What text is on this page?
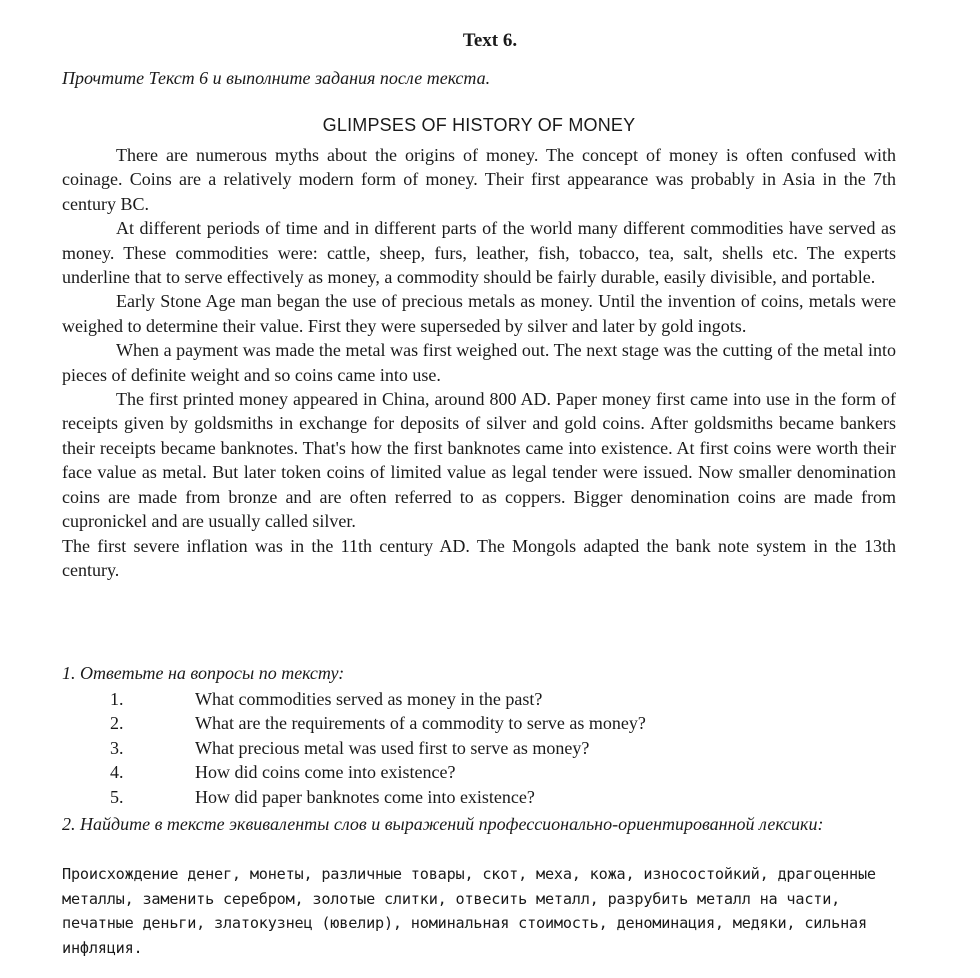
Text 6.
Прочтите Текст 6 и выполните задания после текста.
GLIMPSES OF HISTORY OF MONEY

There are numerous myths about the origins of money. The concept of money is often confused with coinage. Coins are a relatively modern form of money. Their first appearance was probably in Asia in the 7th century BC.

At different periods of time and in different parts of the world many different commodities have served as money. These commodities were: cattle, sheep, furs, leather, fish, tobacco, tea, salt, shells etc. The experts underline that to serve effectively as money, a commodity should be fairly durable, easily divisible, and portable.

Early Stone Age man began the use of precious metals as money. Until the invention of coins, metals were weighed to determine their value. First they were superseded by silver and later by gold ingots.

When a payment was made the metal was first weighed out. The next stage was the cutting of the metal into pieces of definite weight and so coins came into use.

The first printed money appeared in China, around 800 AD. Paper money first came into use in the form of receipts given by goldsmiths in exchange for deposits of silver and gold coins. After goldsmiths became bankers their receipts became banknotes. That's how the first banknotes came into existence. At first coins were worth their face value as metal. But later token coins of limited value as legal tender were issued. Now smaller denomination coins are made from bronze and are often referred to as coppers. Bigger denomination coins are made from cupronickel and are usually called silver.

The first severe inflation was in the 11th century AD. The Mongols adapted the bank note system in the 13th century.

1. Ответьте на вопросы по тексту:
1.	What commodities served as money in the past?
2.	What are the requirements of a commodity to serve as money?
3.	What precious metal was used first to serve as money?
4.	How did coins come into existence?
5.	How did paper banknotes come into existence?
2. Найдите в тексте эквиваленты слов и выражений профессионально-ориентированной лексики:
Происхождение денег, монеты, различные товары, скот, меха, кожа, износостойкий, драгоценные металлы, заменить серебром, золотые слитки, отвесить металл, разрубить металл на части, печатные деньги, златокузнец (ювелир), номинальная стоимость, деноминация, медяки, сильная инфляция.
